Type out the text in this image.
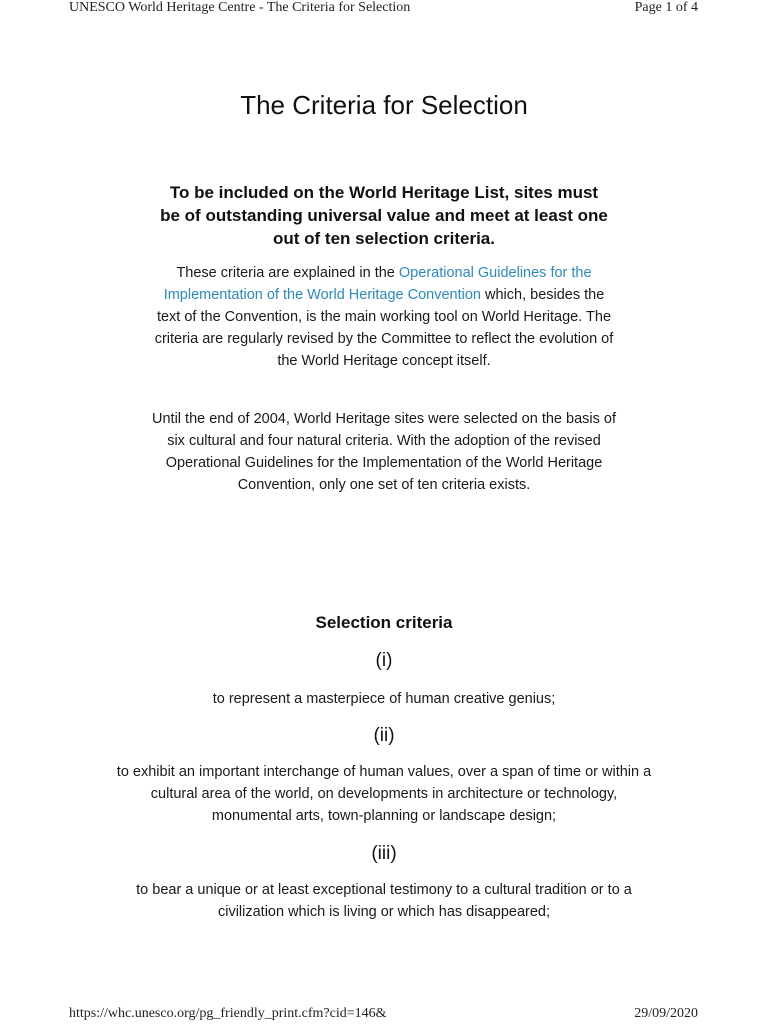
UNESCO World Heritage Centre - The Criteria for Selection	Page 1 of 4
The Criteria for Selection

To be included on the World Heritage List, sites must be of outstanding universal value and meet at least one out of ten selection criteria.

These criteria are explained in the Operational Guidelines for the Implementation of the World Heritage Convention which, besides the text of the Convention, is the main working tool on World Heritage. The criteria are regularly revised by the Committee to reflect the evolution of the World Heritage concept itself.

Until the end of 2004, World Heritage sites were selected on the basis of six cultural and four natural criteria. With the adoption of the revised Operational Guidelines for the Implementation of the World Heritage Convention, only one set of ten criteria exists.

Selection criteria
(i)

to represent a masterpiece of human creative genius;

(ii)

to exhibit an important interchange of human values, over a span of time or within a cultural area of the world, on developments in architecture or technology, monumental arts, town-planning or landscape design;

(iii)

to bear a unique or at least exceptional testimony to a cultural tradition or to a civilization which is living or which has disappeared;

https://whc.unesco.org/pg_friendly_print.cfm?cid=146&	29/09/2020
